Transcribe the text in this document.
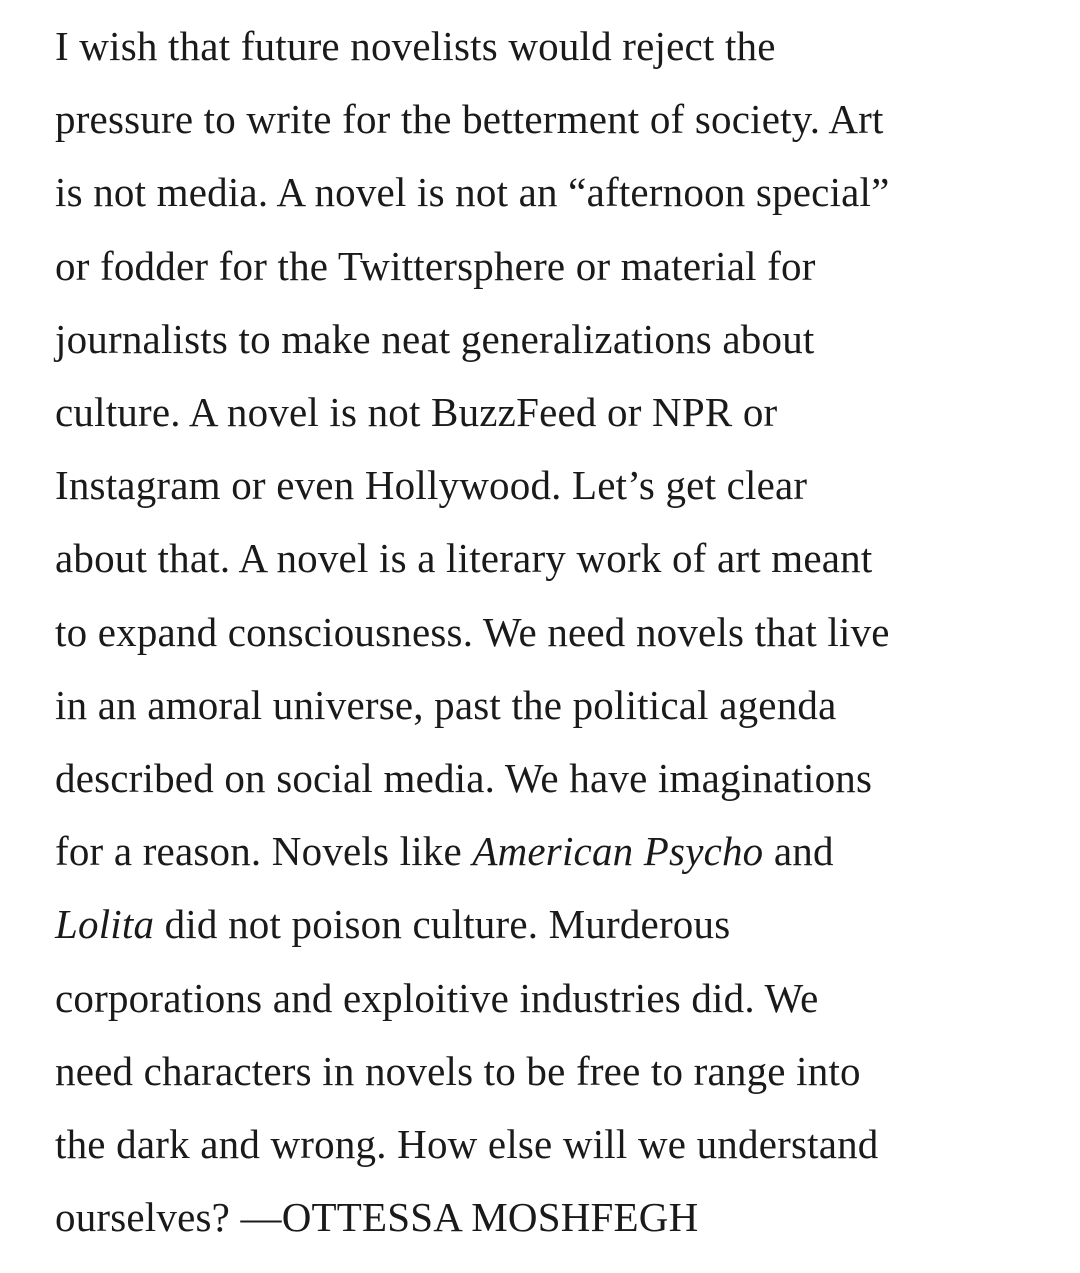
I wish that future novelists would reject the
pressure to write for the betterment of society. Art
is not media. A novel is not an “afternoon special”
or fodder for the Twittersphere or material for
journalists to make neat generalizations about
culture. A novel is not BuzzFeed or NPR or
Instagram or even Hollywood. Let’s get clear
about that. A novel is a literary work of art meant
to expand consciousness. We need novels that live
in an amoral universe, past the political agenda
described on social media. We have imaginations
for a reason. Novels like American Psycho and
Lolita did not poison culture. Murderous
corporations and exploitive industries did. We
need characters in novels to be free to range into
the dark and wrong. How else will we understand
ourselves? —OTTESSA MOSHFEGH
